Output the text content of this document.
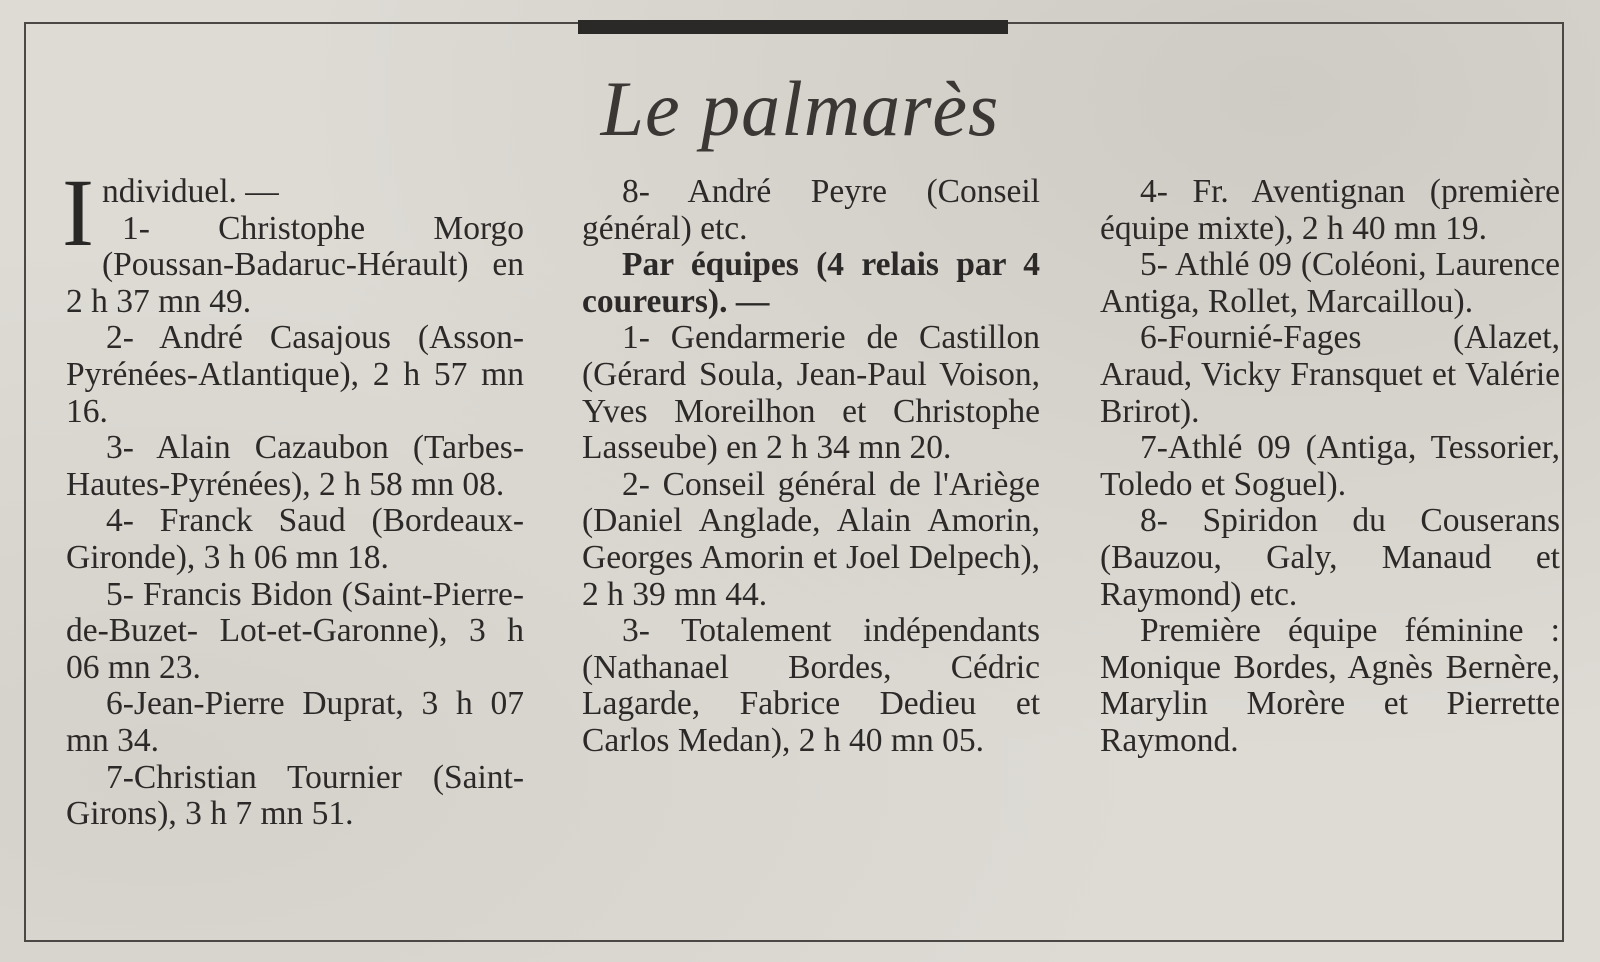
Le palmarès

Individuel. —
1- Christophe Morgo (Poussan-Badaruc-Hérault) en 2 h 37 mn 49.

2- André Casajous (Asson-Pyrénées-Atlantique), 2 h 57 mn 16.

3- Alain Cazaubon (Tarbes-Hautes-Pyrénées), 2 h 58 mn 08.

4- Franck Saud (Bordeaux-Gironde), 3 h 06 mn 18.

5- Francis Bidon (Saint-Pierre-de-Buzet- Lot-et-Garonne), 3 h 06 mn 23.

6-Jean-Pierre Duprat, 3 h 07 mn 34.

7-Christian Tournier (Saint-Girons), 3 h 7 mn 51.

8- André Peyre (Conseil général) etc.

Par équipes (4 relais par 4 coureurs). —

1- Gendarmerie de Castillon (Gérard Soula, Jean-Paul Voison, Yves Moreilhon et Christophe Lasseube) en 2 h 34 mn 20.

2- Conseil général de l'Ariège (Daniel Anglade, Alain Amorin, Georges Amorin et Joel Delpech), 2 h 39 mn 44.

3- Totalement indépendants (Nathanael Bordes, Cédric Lagarde, Fabrice Dedieu et Carlos Medan), 2 h 40 mn 05.

4- Fr. Aventignan (première équipe mixte), 2 h 40 mn 19.

5- Athlé 09 (Coléoni, Laurence Antiga, Rollet, Marcaillou).

6-Fournié-Fages (Alazet, Araud, Vicky Fransquet et Valérie Brirot).

7-Athlé 09 (Antiga, Tessorier, Toledo et Soguel).

8- Spiridon du Couserans (Bauzou, Galy, Manaud et Raymond) etc.

Première équipe féminine : Monique Bordes, Agnès Bernère, Marylin Morère et Pierrette Raymond.
